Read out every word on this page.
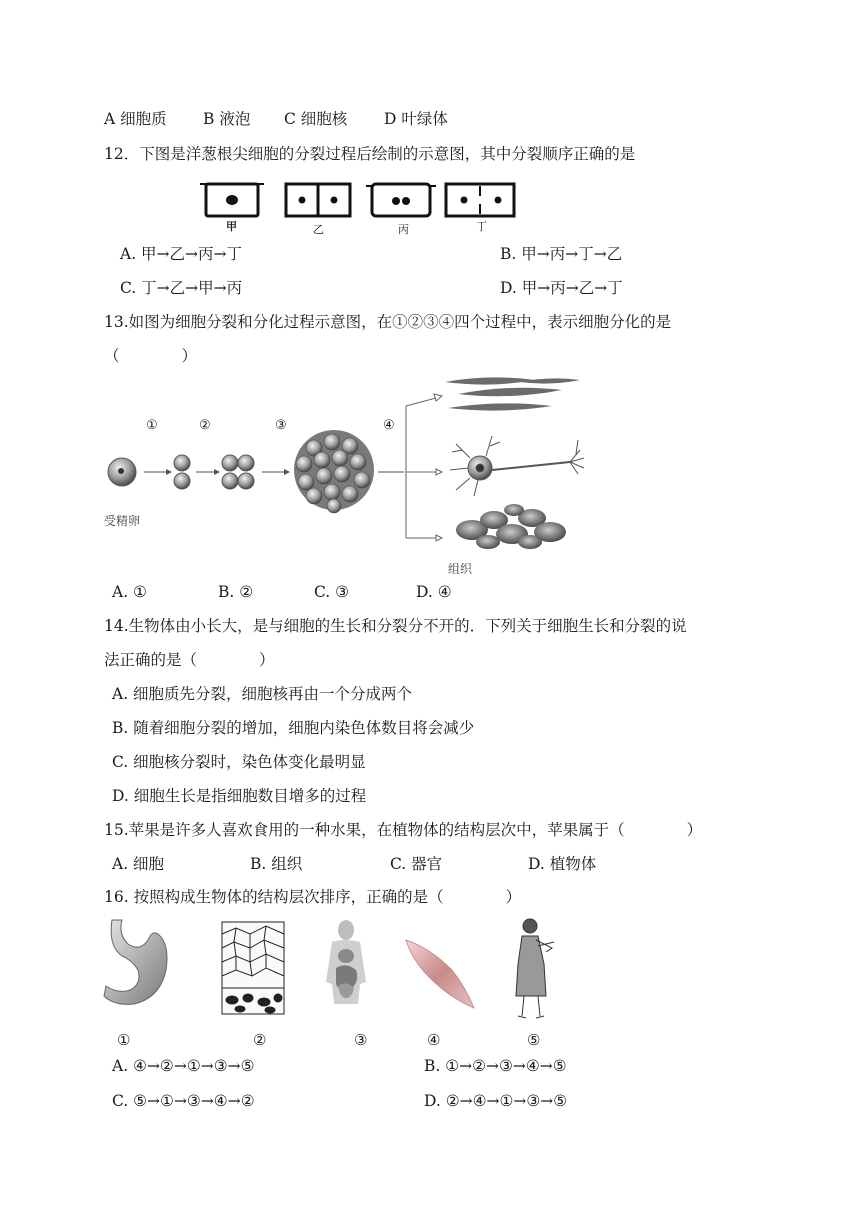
A 细胞质 B 液泡 C 细胞核 D 叶绿体
12．下图是洋葱根尖细胞的分裂过程后绘制的示意图，其中分裂顺序正确的是
甲	乙	丙	丁
A. 甲→乙→丙→丁	B. 甲→丙→丁→乙
C. 丁→乙→甲→丙	D. 甲→丙→乙→丁
13.如图为细胞分裂和分化过程示意图，在①②③④四个过程中，表示细胞分化的是
（　　　　）
①	②	③	④
受精卵
组织
A. ①	B. ②	C. ③	D. ④
14.生物体由小长大，是与细胞的生长和分裂分不开的．下列关于细胞生长和分裂的说
法正确的是（　　　　）
A. 细胞质先分裂，细胞核再由一个分成两个
B. 随着细胞分裂的增加，细胞内染色体数目将会减少
C. 细胞核分裂时，染色体变化最明显
D. 细胞生长是指细胞数目增多的过程
15.苹果是许多人喜欢食用的一种水果，在植物体的结构层次中，苹果属于（　　　　）
A. 细胞	B. 组织	C. 器官	D. 植物体
16. 按照构成生物体的结构层次排序，正确的是（　　　　）
①	②	③	④	⑤
A. ④→②→①→③→⑤	B. ①→②→③→④→⑤
C. ⑤→①→③→④→②	D. ②→④→①→③→⑤
